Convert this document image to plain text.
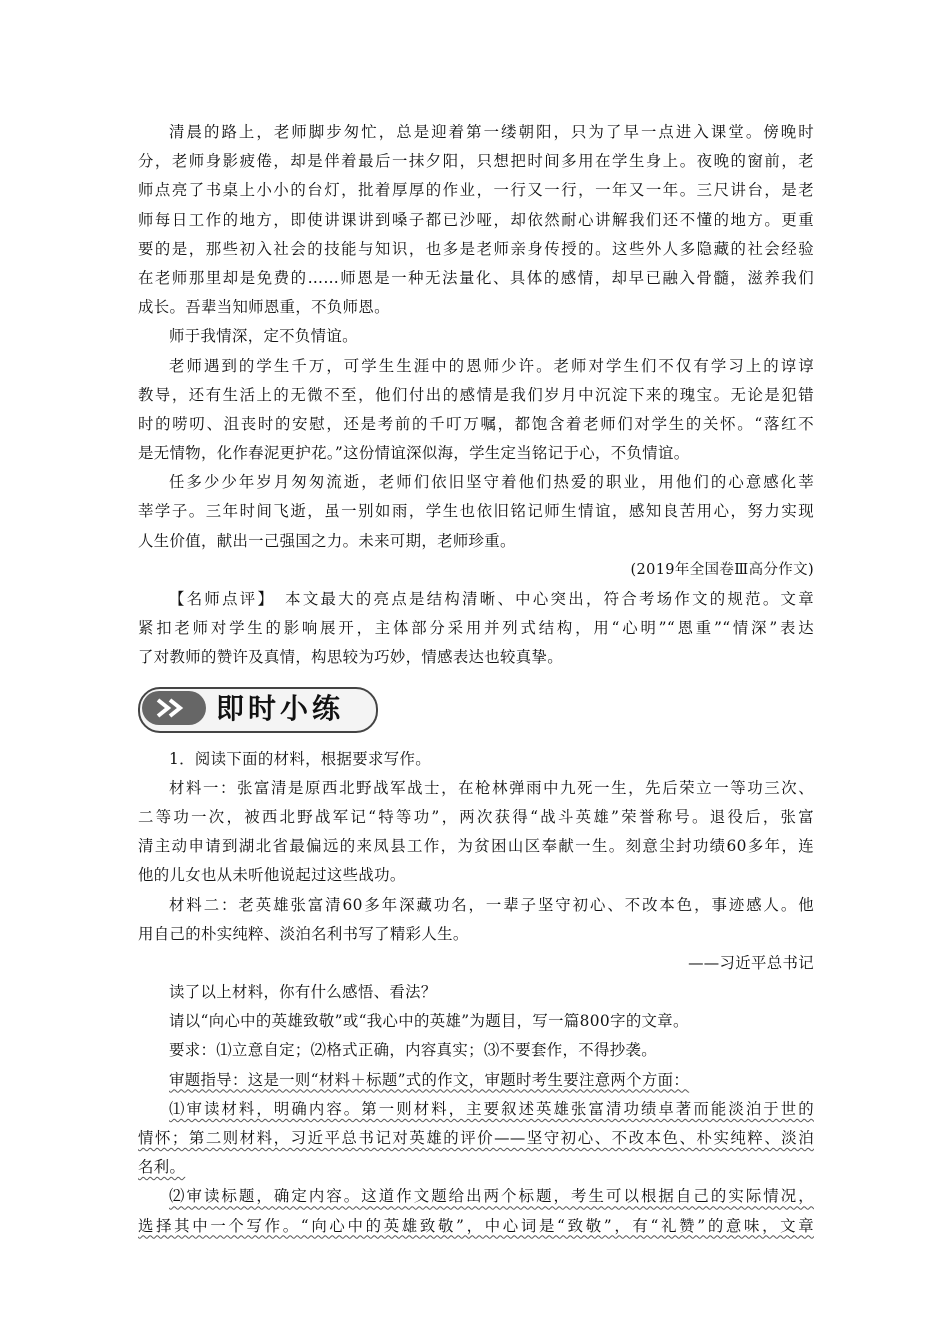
清晨的路上，老师脚步匆忙，总是迎着第一缕朝阳，只为了早一点进入课堂。傍晚时
分，老师身影疲倦，却是伴着最后一抹夕阳，只想把时间多用在学生身上。夜晚的窗前，老
师点亮了书桌上小小的台灯，批着厚厚的作业，一行又一行，一年又一年。三尺讲台，是老
师每日工作的地方，即使讲课讲到嗓子都已沙哑，却依然耐心讲解我们还不懂的地方。更重
要的是，那些初入社会的技能与知识，也多是老师亲身传授的。这些外人多隐藏的社会经验
在老师那里却是免费的……师恩是一种无法量化、具体的感情，却早已融入骨髓，滋养我们
成长。吾辈当知师恩重，不负师恩。
师于我情深，定不负情谊。
老师遇到的学生千万，可学生生涯中的恩师少许。老师对学生们不仅有学习上的谆谆
教导，还有生活上的无微不至，他们付出的感情是我们岁月中沉淀下来的瑰宝。无论是犯错
时的唠叨、沮丧时的安慰，还是考前的千叮万嘱，都饱含着老师们对学生的关怀。“落红不
是无情物，化作春泥更护花。”这份情谊深似海，学生定当铭记于心，不负情谊。
任多少少年岁月匆匆流逝，老师们依旧坚守着他们热爱的职业，用他们的心意感化莘
莘学子。三年时间飞逝，虽一别如雨，学生也依旧铭记师生情谊，感知良苦用心，努力实现
人生价值，献出一己强国之力。未来可期，老师珍重。
(2019年全国卷Ⅲ高分作文)
【名师点评】　本文最大的亮点是结构清晰、中心突出，符合考场作文的规范。文章
紧扣老师对学生的影响展开，主体部分采用并列式结构，用“心明”“恩重”“情深”表达
了对教师的赞许及真情，构思较为巧妙，情感表达也较真挚。
即时小练
1．阅读下面的材料，根据要求写作。
材料一：张富清是原西北野战军战士，在枪林弹雨中九死一生，先后荣立一等功三次、
二等功一次，被西北野战军记“特等功”，两次获得“战斗英雄”荣誉称号。退役后，张富
清主动申请到湖北省最偏远的来凤县工作，为贫困山区奉献一生。刻意尘封功绩60多年，连
他的儿女也从未听他说起过这些战功。
材料二：老英雄张富清60多年深藏功名，一辈子坚守初心、不改本色，事迹感人。他
用自己的朴实纯粹、淡泊名利书写了精彩人生。
——习近平总书记
读了以上材料，你有什么感悟、看法？
请以“向心中的英雄致敬”或“我心中的英雄”为题目，写一篇800字的文章。
要求：⑴立意自定；⑵格式正确，内容真实；⑶不要套作，不得抄袭。
审题指导：这是一则“材料＋标题”式的作文，审题时考生要注意两个方面：
⑴审读材料，明确内容。第一则材料，主要叙述英雄张富清功绩卓著而能淡泊于世的
情怀；第二则材料，习近平总书记对英雄的评价——坚守初心、不改本色、朴实纯粹、淡泊
名利。
⑵审读标题，确定内容。这道作文题给出两个标题，考生可以根据自己的实际情况，
选择其中一个写作。“向心中的英雄致敬”，中心词是“致敬”，有“礼赞”的意味，文章
